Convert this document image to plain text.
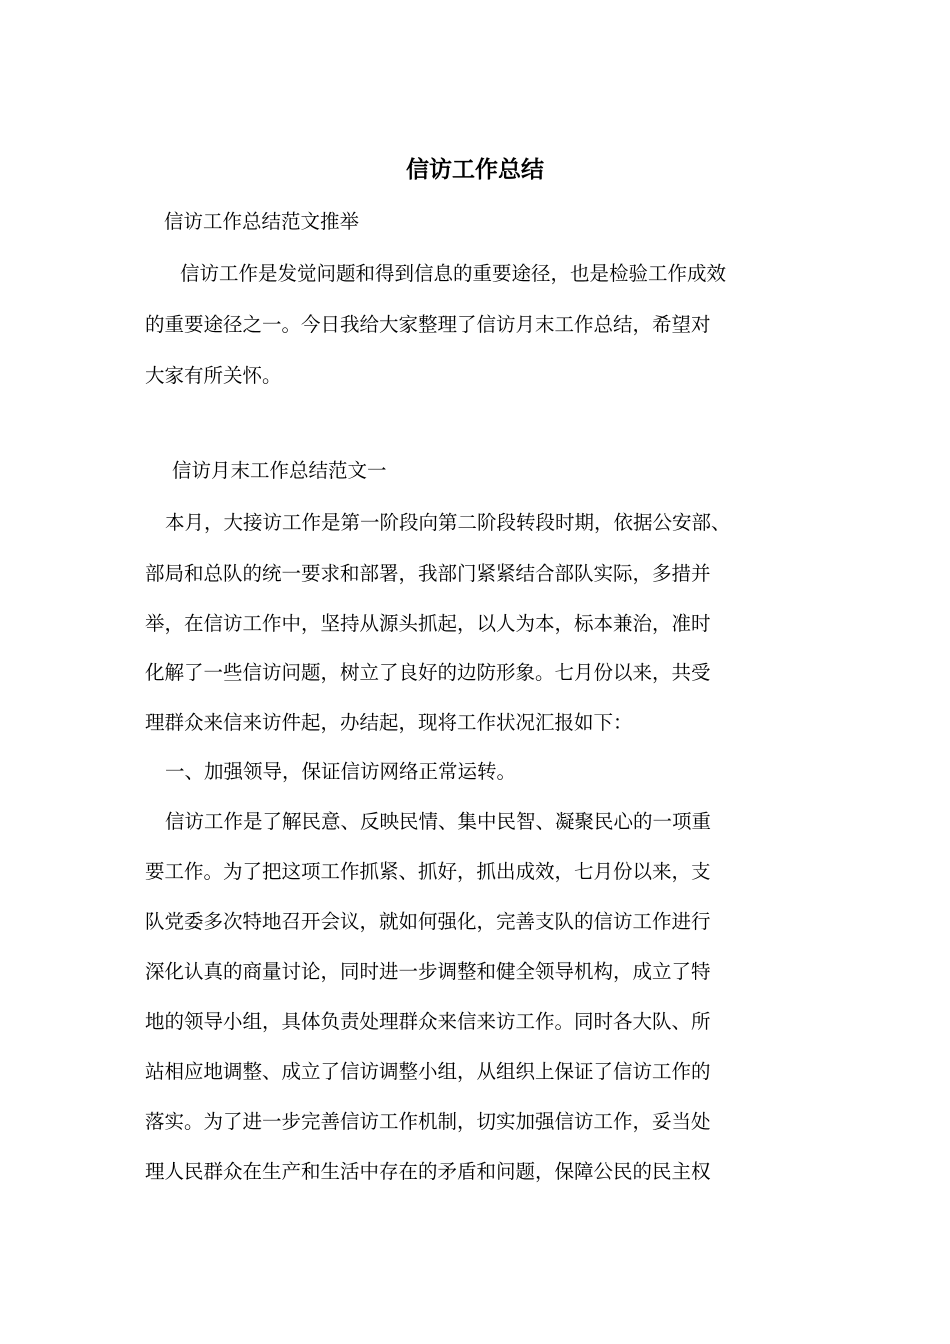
信访工作总结

信访工作总结范文推举

信访工作是发觉问题和得到信息的重要途径，也是检验工作成效

的重要途径之一。今日我给大家整理了信访月末工作总结，希望对

大家有所关怀。

信访月末工作总结范文一

本月，大接访工作是第一阶段向第二阶段转段时期，依据公安部、

部局和总队的统一要求和部署，我部门紧紧结合部队实际，多措并

举，在信访工作中，坚持从源头抓起，以人为本，标本兼治，准时

化解了一些信访问题，树立了良好的边防形象。七月份以来，共受

理群众来信来访件起，办结起，现将工作状况汇报如下：

一、加强领导，保证信访网络正常运转。

信访工作是了解民意、反映民情、集中民智、凝聚民心的一项重

要工作。为了把这项工作抓紧、抓好，抓出成效，七月份以来，支

队党委多次特地召开会议，就如何强化，完善支队的信访工作进行

深化认真的商量讨论，同时进一步调整和健全领导机构，成立了特

地的领导小组，具体负责处理群众来信来访工作。同时各大队、所

站相应地调整、成立了信访调整小组，从组织上保证了信访工作的

落实。为了进一步完善信访工作机制，切实加强信访工作，妥当处

理人民群众在生产和生活中存在的矛盾和问题，保障公民的民主权
